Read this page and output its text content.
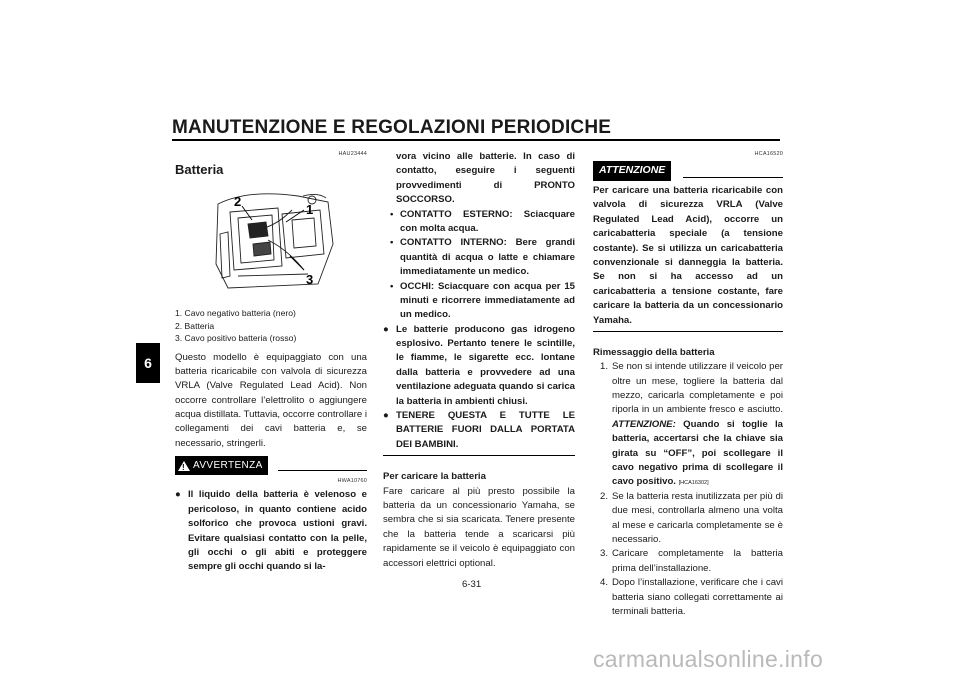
MANUTENZIONE E REGOLAZIONI PERIODICHE
6
HAU23444
Batteria
2
1
3
1. Cavo negativo batteria (nero)
2. Batteria
3. Cavo positivo batteria (rosso)
Questo modello è equipaggiato con una batteria ricaricabile con valvola di sicurezza VRLA (Valve Regulated Lead Acid). Non occorre controllare l’elettrolito o aggiungere acqua distillata. Tuttavia, occorre controllare i collegamenti dei cavi batteria e, se necessario, stringerli.
!
AVVERTENZA
HWA10760
● Il liquido della batteria è velenoso e pericoloso, in quanto contiene acido solforico che provoca ustioni gravi. Evitare qualsiasi contatto con la pelle, gli occhi o gli abiti e proteggere sempre gli occhi quando si la-
vora vicino alle batterie. In caso di contatto, eseguire i seguenti provvedimenti di PRONTO SOCCORSO.
• CONTATTO ESTERNO: Sciacquare con molta acqua.
• CONTATTO INTERNO: Bere grandi quantità di acqua o latte e chiamare immediatamente un medico.
• OCCHI: Sciacquare con acqua per 15 minuti e ricorrere immediatamente ad un medico.
● Le batterie producono gas idrogeno esplosivo. Pertanto tenere le scintille, le fiamme, le sigarette ecc. lontane dalla batteria e provvedere ad una ventilazione adeguata quando si carica la batteria in ambienti chiusi.
● TENERE QUESTA E TUTTE LE BATTERIE FUORI DALLA PORTATA DEI BAMBINI.
Per caricare la batteria
Fare caricare al più presto possibile la batteria da un concessionario Yamaha, se sembra che si sia scaricata. Tenere presente che la batteria tende a scaricarsi più rapidamente se il veicolo è equipaggiato con accessori elettrici optional.
HCA16520
ATTENZIONE
Per caricare una batteria ricaricabile con valvola di sicurezza VRLA (Valve Regulated Lead Acid), occorre un caricabatteria speciale (a tensione costante). Se si utilizza un caricabatteria convenzionale si danneggia la batteria. Se non si ha accesso ad un caricabatteria a tensione costante, fare caricare la batteria da un concessionario Yamaha.
Rimessaggio della batteria
1. Se non si intende utilizzare il veicolo per oltre un mese, togliere la batteria dal mezzo, caricarla completamente e poi riporla in un ambiente fresco e asciutto. ATTENZIONE: Quando si toglie la batteria, accertarsi che la chiave sia girata su “OFF”, poi scollegare il cavo negativo prima di scollegare il cavo positivo. [HCA16302]
2. Se la batteria resta inutilizzata per più di due mesi, controllarla almeno una volta al mese e caricarla completamente se è necessario.
3. Caricare completamente la batteria prima dell’installazione.
4. Dopo l’installazione, verificare che i cavi batteria siano collegati correttamente ai terminali batteria.
6-31
carmanualsonline.info
